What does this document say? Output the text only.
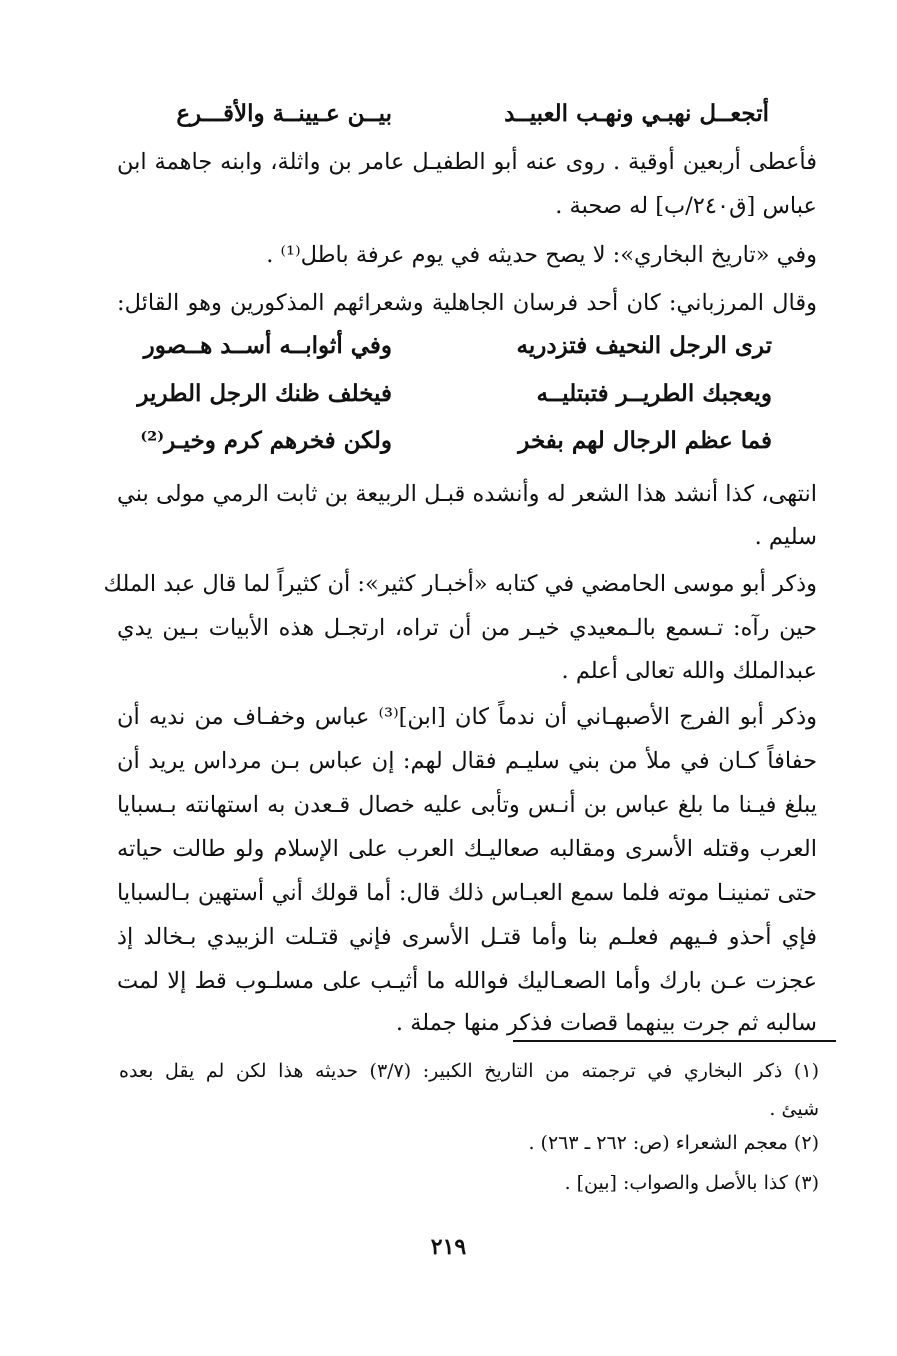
أتجعــل نهبـي ونهـب العبيــد
بيــن عـيينــة والأقـــرع
فأعطى أربعين أوقية . روى عنه أبو الطفيـل عامر بن واثلة، وابنه جاهمة ابن
عباس [ق٢٤٠/ب] له صحبة .
وفي «تاريخ البخاري»: لا يصح حديثه في يوم عرفة باطل⁽¹⁾ .
وقال المرزباني: كان أحد فرسان الجاهلية وشعرائهم المذكورين وهو القائل:
ترى الرجل النحيف فتزدريه
وفي أثوابــه أســد هــصور
ويعجبك الطريــر فتبتليــه
فيخلف ظنك الرجل الطرير
فما عظم الرجال لهم بفخر
ولكن فخرهم كرم وخيـر⁽²⁾
انتهى، كذا أنشد هذا الشعر له وأنشده قبـل الربيعة بن ثابت الرمي مولى بني
سليم .
وذكر أبو موسى الحامضي في كتابه «أخبـار كثير»: أن كثيراً لما قال عبد الملك
حين رآه: تـسمع بالـمعيدي خيـر من أن تراه، ارتجـل هذه الأبيات بـين يدي
عبدالملك والله تعالى أعلم .
وذكر أبو الفرج الأصبهـاني أن ندماً كان [ابن]⁽³⁾ عباس وخفـاف من نديه أن
حفافاً كـان في ملأ من بني سليـم فقال لهم: إن عباس بـن مرداس يريد أن
يبلغ فيـنا ما بلغ عباس بن أنـس وتأبى عليه خصال قـعدن به استهانته بـسبايا
العرب وقتله الأسرى ومقالبه صعاليـك العرب على الإسلام ولو طالت حياته
حتى تمنينـا موته فلما سمع العبـاس ذلك قال: أما قولك أني أستهين بـالسبايا
فإي أحذو فـيهم فعلـم بنا وأما قتـل الأسرى فإني قتـلت الزبيدي بـخالد إذ
عجزت عـن بارك وأما الصعـاليك فوالله ما أثيـب على مسلـوب قط إلا لمت
سالبه ثم جرت بينهما قصات فذكر منها جملة .
(١) ذكر البخاري في ترجمته من التاريخ الكبير: (٣/٧) حديثه هذا لكن لم يقل بعده
شيئ .
(٢) معجم الشعراء (ص: ٢٦٢ ـ ٢٦٣) .
(٣) كذا بالأصل والصواب: [بين] .
٢١٩
